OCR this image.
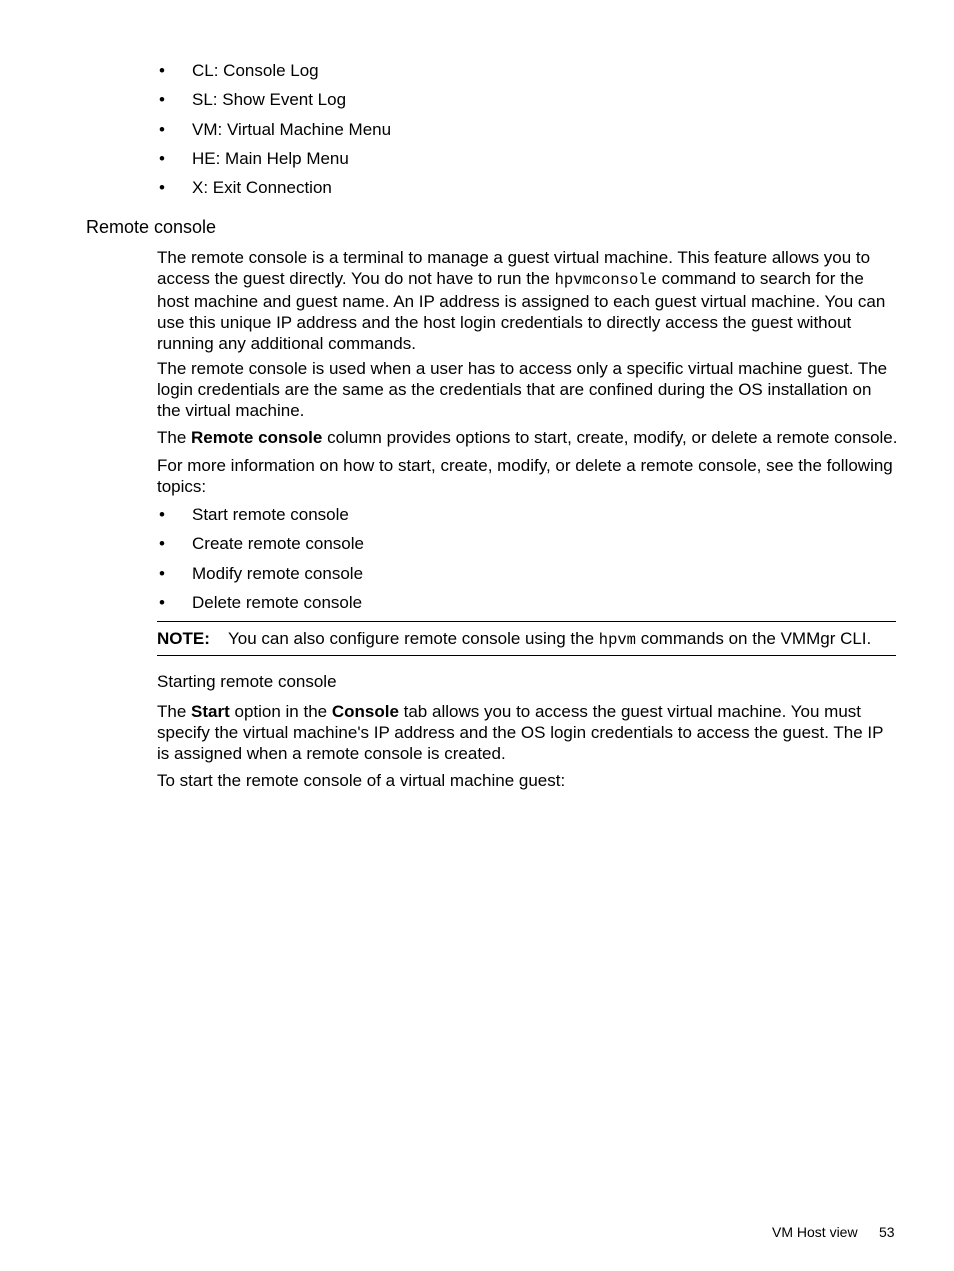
• CL: Console Log
• SL: Show Event Log
• VM: Virtual Machine Menu
• HE: Main Help Menu
• X: Exit Connection
Remote console

The remote console is a terminal to manage a guest virtual machine. This feature allows you to access the guest directly. You do not have to run the hpvmconsole command to search for the host machine and guest name. An IP address is assigned to each guest virtual machine. You can use this unique IP address and the host login credentials to directly access the guest without running any additional commands.

The remote console is used when a user has to access only a specific virtual machine guest. The login credentials are the same as the credentials that are confined during the OS installation on the virtual machine.

The Remote console column provides options to start, create, modify, or delete a remote console.

For more information on how to start, create, modify, or delete a remote console, see the following topics:

• Start remote console
• Create remote console
• Modify remote console
• Delete remote console
NOTE: You can also configure remote console using the hpvm commands on the VMMgr CLI.
Starting remote console

The Start option in the Console tab allows you to access the guest virtual machine. You must specify the virtual machine's IP address and the OS login credentials to access the guest. The IP is assigned when a remote console is created.

To start the remote console of a virtual machine guest:

VM Host view 53
